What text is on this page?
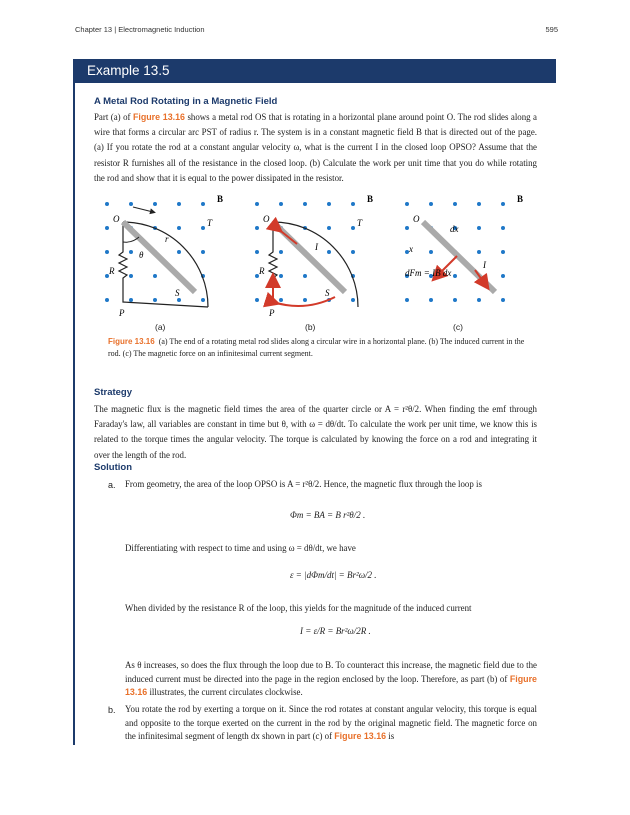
Chapter 13 | Electromagnetic Induction	595
Example 13.5
A Metal Rod Rotating in a Magnetic Field
Part (a) of Figure 13.16 shows a metal rod OS that is rotating in a horizontal plane around point O. The rod slides along a wire that forms a circular arc PST of radius r. The system is in a constant magnetic field B that is directed out of the page. (a) If you rotate the rod at a constant angular velocity ω, what is the current I in the closed loop OPSO? Assume that the resistor R furnishes all of the resistance in the closed loop. (b) Calculate the work per unit time that you do while rotating the rod and show that it is equal to the power dissipated in the resistor.
O	T
S
P
R
r
θ
B
O	T
S
P
R
I
B
O
dx
x
dFm = IB dx
I
B
(a)	(b)	(c)
Figure 13.16 (a) The end of a rotating metal rod slides along a circular wire in a horizontal plane. (b) The induced current in the rod. (c) The magnetic force on an infinitesimal current segment.
Strategy
The magnetic flux is the magnetic field times the area of the quarter circle or A = r²θ/2. When finding the emf through Faraday's law, all variables are constant in time but θ, with ω = dθ/dt. To calculate the work per unit time, we know this is related to the torque times the angular velocity. The torque is calculated by knowing the force on a rod and integrating it over the length of the rod.
Solution
a. From geometry, the area of the loop OPSO is A = r²θ/2. Hence, the magnetic flux through the loop is
Φm = BA = B r²θ/2 .
Differentiating with respect to time and using ω = dθ/dt, we have
ε = |dΦm/dt| = Br²ω/2 .
When divided by the resistance R of the loop, this yields for the magnitude of the induced current
I = ε/R = Br²ω/2R .
As θ increases, so does the flux through the loop due to B. To counteract this increase, the magnetic field due to the induced current must be directed into the page in the region enclosed by the loop. Therefore, as part (b) of Figure 13.16 illustrates, the current circulates clockwise.
b. You rotate the rod by exerting a torque on it. Since the rod rotates at constant angular velocity, this torque is equal and opposite to the torque exerted on the current in the rod by the original magnetic field. The magnetic force on the infinitesimal segment of length dx shown in part (c) of Figure 13.16 is
